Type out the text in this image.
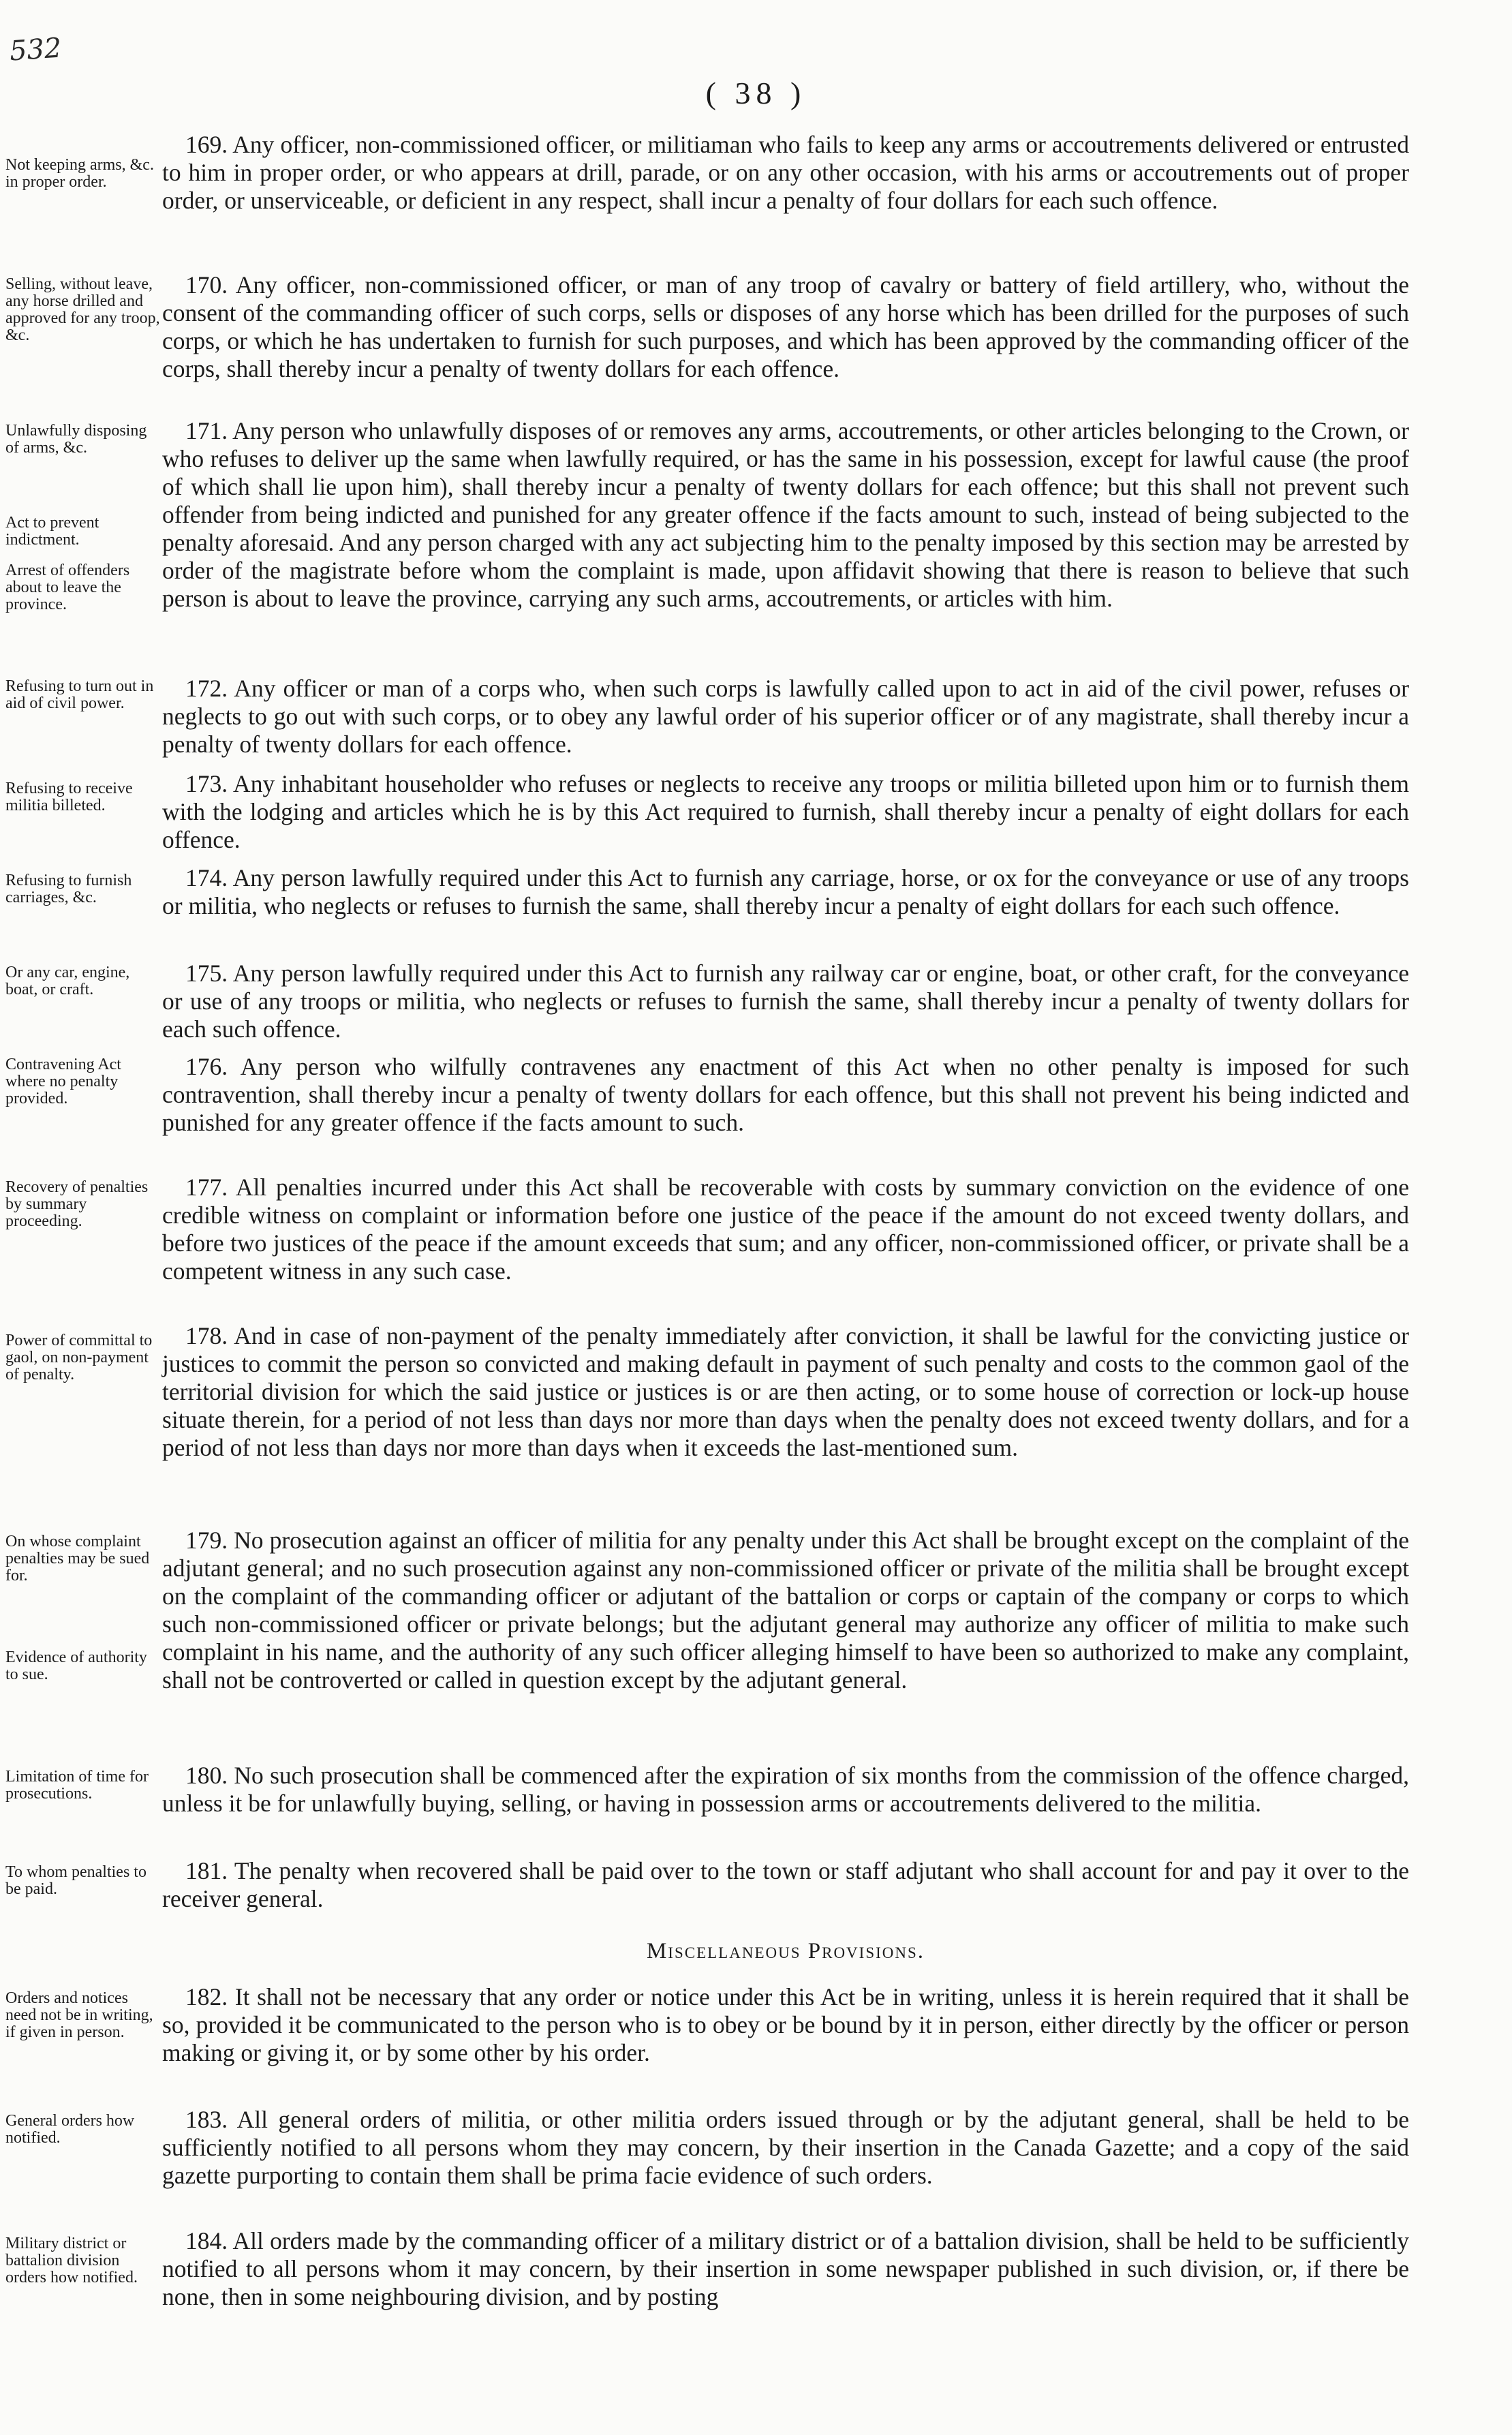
532
( 38 )
Not keeping arms, &c. in proper order.
Selling, without leave, any horse drilled and approved for any troop, &c.
Unlawfully disposing of arms, &c.
Act to prevent indictment.
Arrest of offenders about to leave the province.
Refusing to turn out in aid of civil power.
Refusing to receive militia billeted.
Refusing to furnish carriages, &c.
Or any car, engine, boat, or craft.
Contravening Act where no penalty provided.
Recovery of penalties by summary proceeding.
Power of committal to gaol, on non-payment of penalty.
On whose complaint penalties may be sued for.
Evidence of authority to sue.
Limitation of time for prosecutions.
To whom penalties to be paid.
Orders and notices need not be in writing, if given in person.
General orders how notified.
Military district or battalion division orders how notified.

169. Any officer, non-commissioned officer, or militiaman who fails to keep any arms or accoutrements delivered or entrusted to him in proper order, or who appears at drill, parade, or on any other occasion, with his arms or accoutrements out of proper order, or unserviceable, or deficient in any respect, shall incur a penalty of four dollars for each such offence.

170. Any officer, non-commissioned officer, or man of any troop of cavalry or battery of field artillery, who, without the consent of the commanding officer of such corps, sells or disposes of any horse which has been drilled for the purposes of such corps, or which he has undertaken to furnish for such purposes, and which has been approved by the commanding officer of the corps, shall thereby incur a penalty of twenty dollars for each offence.

171. Any person who unlawfully disposes of or removes any arms, accoutrements, or other articles belonging to the Crown, or who refuses to deliver up the same when lawfully required, or has the same in his possession, except for lawful cause (the proof of which shall lie upon him), shall thereby incur a penalty of twenty dollars for each offence; but this shall not prevent such offender from being indicted and punished for any greater offence if the facts amount to such, instead of being subjected to the penalty aforesaid. And any person charged with any act subjecting him to the penalty imposed by this section may be arrested by order of the magistrate before whom the complaint is made, upon affidavit showing that there is reason to believe that such person is about to leave the province, carrying any such arms, accoutrements, or articles with him.

172. Any officer or man of a corps who, when such corps is lawfully called upon to act in aid of the civil power, refuses or neglects to go out with such corps, or to obey any lawful order of his superior officer or of any magistrate, shall thereby incur a penalty of twenty dollars for each offence.

173. Any inhabitant householder who refuses or neglects to receive any troops or militia billeted upon him or to furnish them with the lodging and articles which he is by this Act required to furnish, shall thereby incur a penalty of eight dollars for each offence.

174. Any person lawfully required under this Act to furnish any carriage, horse, or ox for the conveyance or use of any troops or militia, who neglects or refuses to furnish the same, shall thereby incur a penalty of eight dollars for each such offence.

175. Any person lawfully required under this Act to furnish any railway car or engine, boat, or other craft, for the conveyance or use of any troops or militia, who neglects or refuses to furnish the same, shall thereby incur a penalty of twenty dollars for each such offence.

176. Any person who wilfully contravenes any enactment of this Act when no other penalty is imposed for such contravention, shall thereby incur a penalty of twenty dollars for each offence, but this shall not prevent his being indicted and punished for any greater offence if the facts amount to such.

177. All penalties incurred under this Act shall be recoverable with costs by summary conviction on the evidence of one credible witness on complaint or information before one justice of the peace if the amount do not exceed twenty dollars, and before two justices of the peace if the amount exceeds that sum; and any officer, non-commissioned officer, or private shall be a competent witness in any such case.

178. And in case of non-payment of the penalty immediately after conviction, it shall be lawful for the convicting justice or justices to commit the person so convicted and making default in payment of such penalty and costs to the common gaol of the territorial division for which the said justice or justices is or are then acting, or to some house of correction or lock-up house situate therein, for a period of not less than days nor more than days when the penalty does not exceed twenty dollars, and for a period of not less than days nor more than days when it exceeds the last-mentioned sum.

179. No prosecution against an officer of militia for any penalty under this Act shall be brought except on the complaint of the adjutant general; and no such prosecution against any non-commissioned officer or private of the militia shall be brought except on the complaint of the commanding officer or adjutant of the battalion or corps or captain of the company or corps to which such non-commissioned officer or private belongs; but the adjutant general may authorize any officer of militia to make such complaint in his name, and the authority of any such officer alleging himself to have been so authorized to make any complaint, shall not be controverted or called in question except by the adjutant general.

180. No such prosecution shall be commenced after the expiration of six months from the commission of the offence charged, unless it be for unlawfully buying, selling, or having in possession arms or accoutrements delivered to the militia.

181. The penalty when recovered shall be paid over to the town or staff adjutant who shall account for and pay it over to the receiver general.

Miscellaneous Provisions.

182. It shall not be necessary that any order or notice under this Act be in writing, unless it is herein required that it shall be so, provided it be communicated to the person who is to obey or be bound by it in person, either directly by the officer or person making or giving it, or by some other by his order.

183. All general orders of militia, or other militia orders issued through or by the adjutant general, shall be held to be sufficiently notified to all persons whom they may concern, by their insertion in the Canada Gazette; and a copy of the said gazette purporting to contain them shall be prima facie evidence of such orders.

184. All orders made by the commanding officer of a military district or of a battalion division, shall be held to be sufficiently notified to all persons whom it may concern, by their insertion in some newspaper published in such division, or, if there be none, then in some neighbouring division, and by posting
